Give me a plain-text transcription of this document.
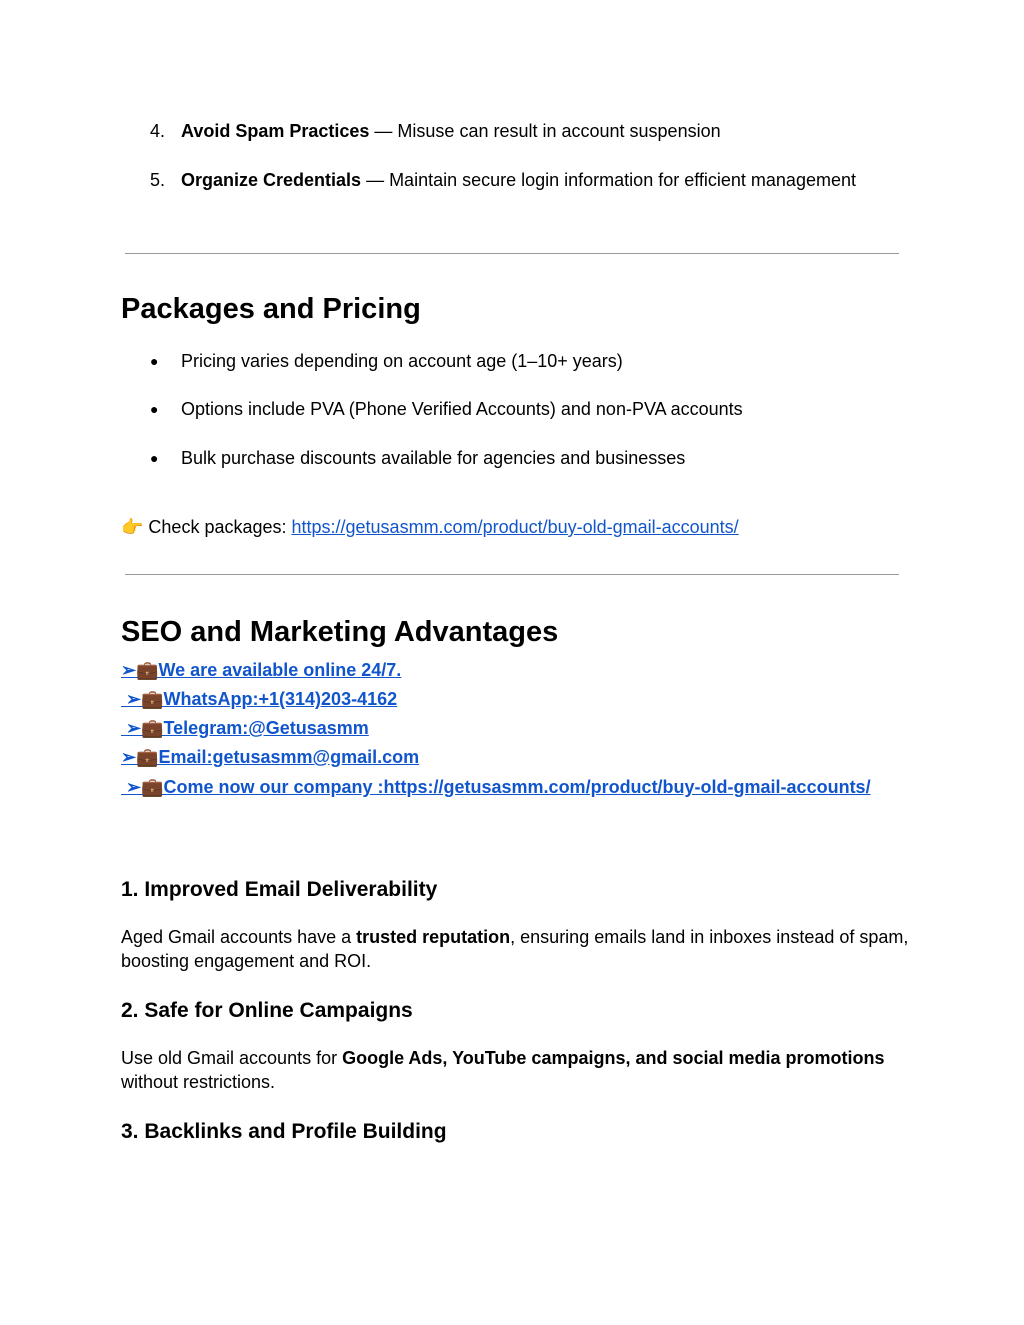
4. Avoid Spam Practices — Misuse can result in account suspension
5. Organize Credentials — Maintain secure login information for efficient management
Packages and Pricing
● Pricing varies depending on account age (1–10+ years)
● Options include PVA (Phone Verified Accounts) and non-PVA accounts
● Bulk purchase discounts available for agencies and businesses
👉 Check packages: https://getusasmm.com/product/buy-old-gmail-accounts/
SEO and Marketing Advantages
➢💼We are available online 24/7.
➢💼WhatsApp:+1(314)203-4162
➢💼Telegram:@Getusasmm
➢💼Email:getusasmm@gmail.com
➢💼Come now our company :https://getusasmm.com/product/buy-old-gmail-accounts/
1. Improved Email Deliverability
Aged Gmail accounts have a trusted reputation, ensuring emails land in inboxes instead of spam, boosting engagement and ROI.
2. Safe for Online Campaigns
Use old Gmail accounts for Google Ads, YouTube campaigns, and social media promotions without restrictions.
3. Backlinks and Profile Building
